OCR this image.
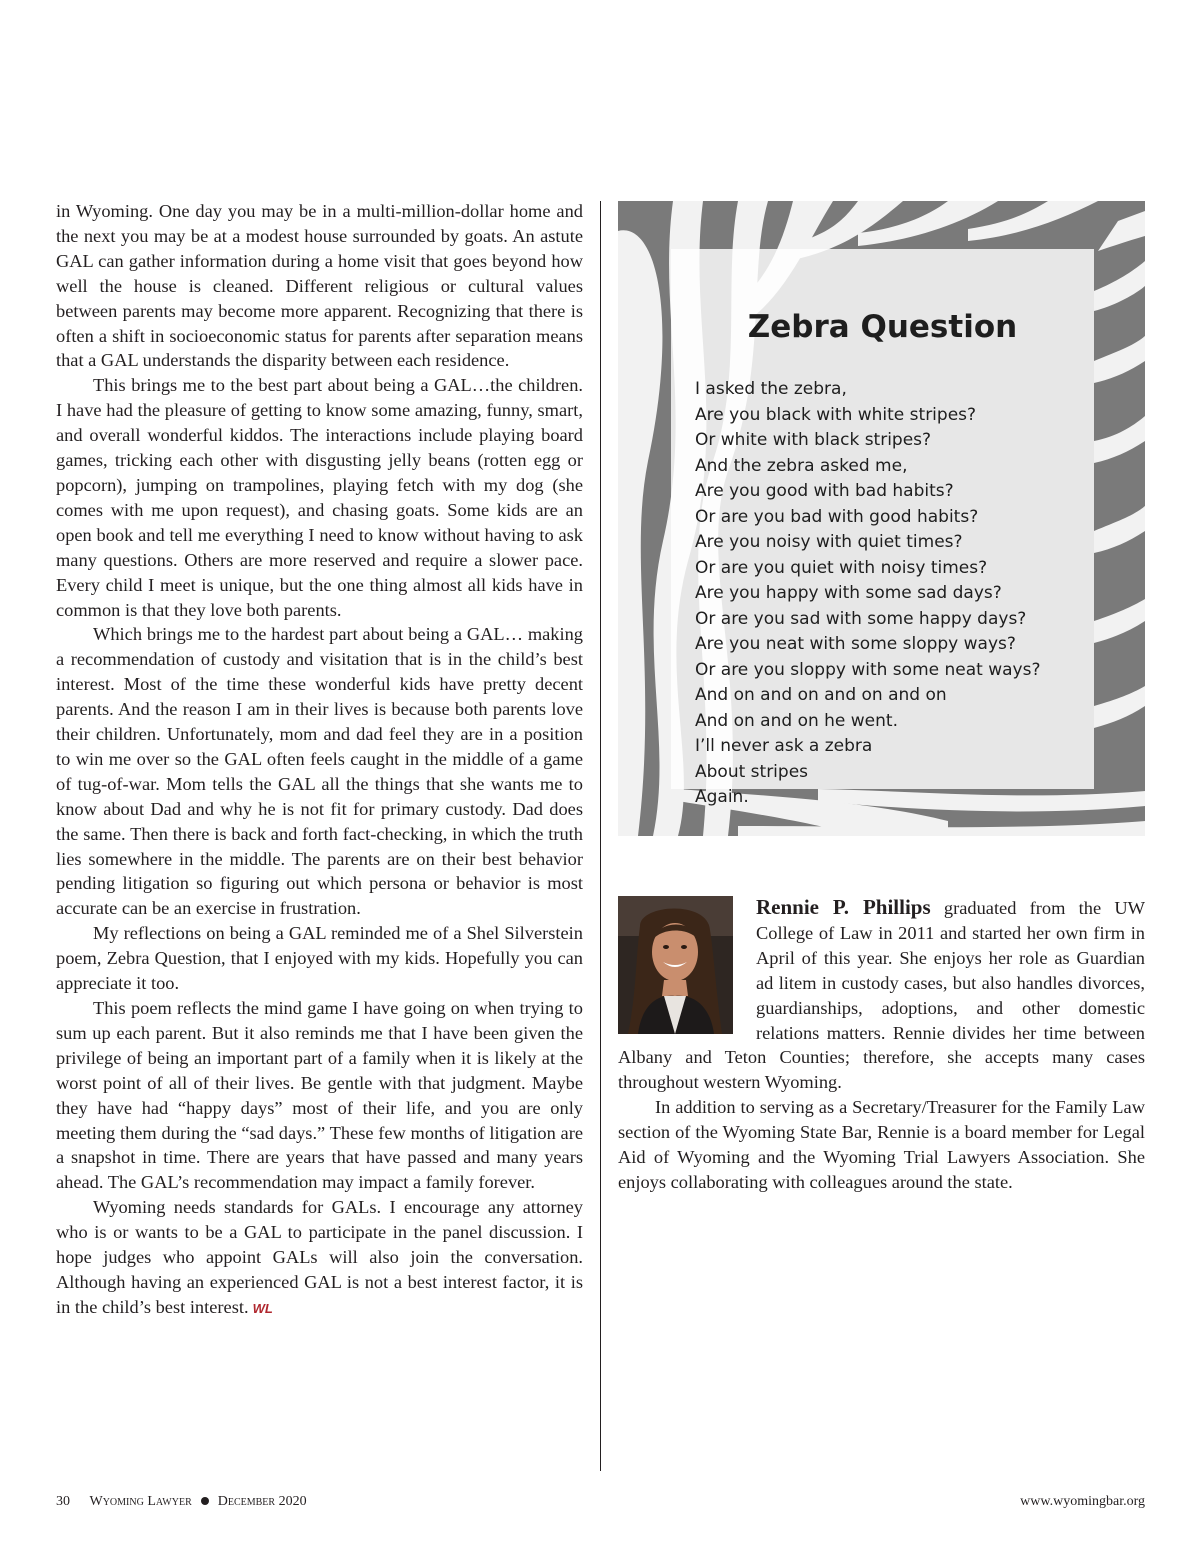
in Wyoming. One day you may be in a multi-million-dollar home and the next you may be at a modest house surrounded by goats. An astute GAL can gather information during a home visit that goes beyond how well the house is cleaned. Different religious or cultural values between parents may become more apparent. Recognizing that there is often a shift in socioeconomic status for parents after separation means that a GAL understands the disparity between each residence.

This brings me to the best part about being a GAL…the children. I have had the pleasure of getting to know some amazing, funny, smart, and overall wonderful kiddos. The interactions include playing board games, tricking each other with disgusting jelly beans (rotten egg or popcorn), jumping on trampolines, playing fetch with my dog (she comes with me upon request), and chasing goats. Some kids are an open book and tell me everything I need to know without having to ask many questions. Others are more reserved and require a slower pace. Every child I meet is unique, but the one thing almost all kids have in common is that they love both parents.

Which brings me to the hardest part about being a GAL… making a recommendation of custody and visitation that is in the child’s best interest. Most of the time these wonderful kids have pretty decent parents. And the reason I am in their lives is because both parents love their children. Unfortunately, mom and dad feel they are in a position to win me over so the GAL often feels caught in the middle of a game of tug-of-war. Mom tells the GAL all the things that she wants me to know about Dad and why he is not fit for primary custody. Dad does the same. Then there is back and forth fact-checking, in which the truth lies somewhere in the middle. The parents are on their best behavior pending litigation so figuring out which persona or behavior is most accurate can be an exercise in frustration.

My reflections on being a GAL reminded me of a Shel Silverstein poem, Zebra Question, that I enjoyed with my kids. Hopefully you can appreciate it too.

This poem reflects the mind game I have going on when trying to sum up each parent. But it also reminds me that I have been given the privilege of being an important part of a family when it is likely at the worst point of all of their lives. Be gentle with that judgment. Maybe they have had “happy days” most of their life, and you are only meeting them during the “sad days.” These few months of litigation are a snapshot in time. There are years that have passed and many years ahead. The GAL’s recommendation may impact a family forever.

Wyoming needs standards for GALs. I encourage any attorney who is or wants to be a GAL to participate in the panel discussion. I hope judges who appoint GALs will also join the conversation. Although having an experienced GAL is not a best interest factor, it is in the child’s best interest. WL

Zebra Question
I asked the zebra,
Are you black with white stripes?
Or white with black stripes?
And the zebra asked me,
Are you good with bad habits?
Or are you bad with good habits?
Are you noisy with quiet times?
Or are you quiet with noisy times?
Are you happy with some sad days?
Or are you sad with some happy days?
Are you neat with some sloppy ways?
Or are you sloppy with some neat ways?
And on and on and on and on
And on and on he went.
I’ll never ask a zebra
About stripes
Again.

Rennie P. Phillips graduated from the UW College of Law in 2011 and started her own firm in April of this year. She enjoys her role as Guardian ad litem in custody cases, but also handles divorces, guardianships, adoptions, and other domestic relations matters. Rennie divides her time between Albany and Teton Counties; therefore, she accepts many cases throughout western Wyoming.

In addition to serving as a Secretary/Treasurer for the Family Law section of the Wyoming State Bar, Rennie is a board member for Legal Aid of Wyoming and the Wyoming Trial Lawyers Association. She enjoys collaborating with colleagues around the state.

30 Wyoming Lawyer December 2020	www.wyomingbar.org
